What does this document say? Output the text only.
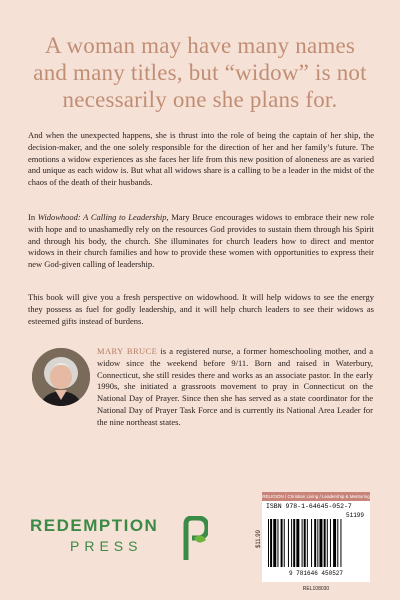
A woman may have many names and many titles, but “widow” is not necessarily one she plans for.

And when the unexpected happens, she is thrust into the role of being the captain of her ship, the decision-maker, and the one solely responsible for the direction of her and her family’s future. The emotions a widow experiences as she faces her life from this new position of aloneness are as varied and unique as each widow is. But what all widows share is a calling to be a leader in the midst of the chaos of the death of their husbands.

In Widowhood: A Calling to Leadership, Mary Bruce encourages widows to embrace their new role with hope and to unashamedly rely on the resources God provides to sustain them through his Spirit and through his body, the church. She illuminates for church leaders how to direct and mentor widows in their church families and how to provide these women with opportunities to express their new God-given calling of leadership.

This book will give you a fresh perspective on widowhood. It will help widows to see the energy they possess as fuel for godly leadership, and it will help church leaders to see their widows as esteemed gifts instead of burdens.

MARY BRUCE is a registered nurse, a former homeschooling mother, and a widow since the weekend before 9/11. Born and raised in Waterbury, Connecticut, she still resides there and works as an associate pastor. In the early 1990s, she initiated a grassroots movement to pray in Connecticut on the National Day of Prayer. Since then she has served as a state coordinator for the National Day of Prayer Task Force and is currently its National Area Leader for the nine northeast states.

REDEMPTION
PRESS	$11.99
RELIGION / Christian Living / Leadership & Mentoring
ISBN 978-1-64645-052-7
51199
9 781646 450527
REL108030
